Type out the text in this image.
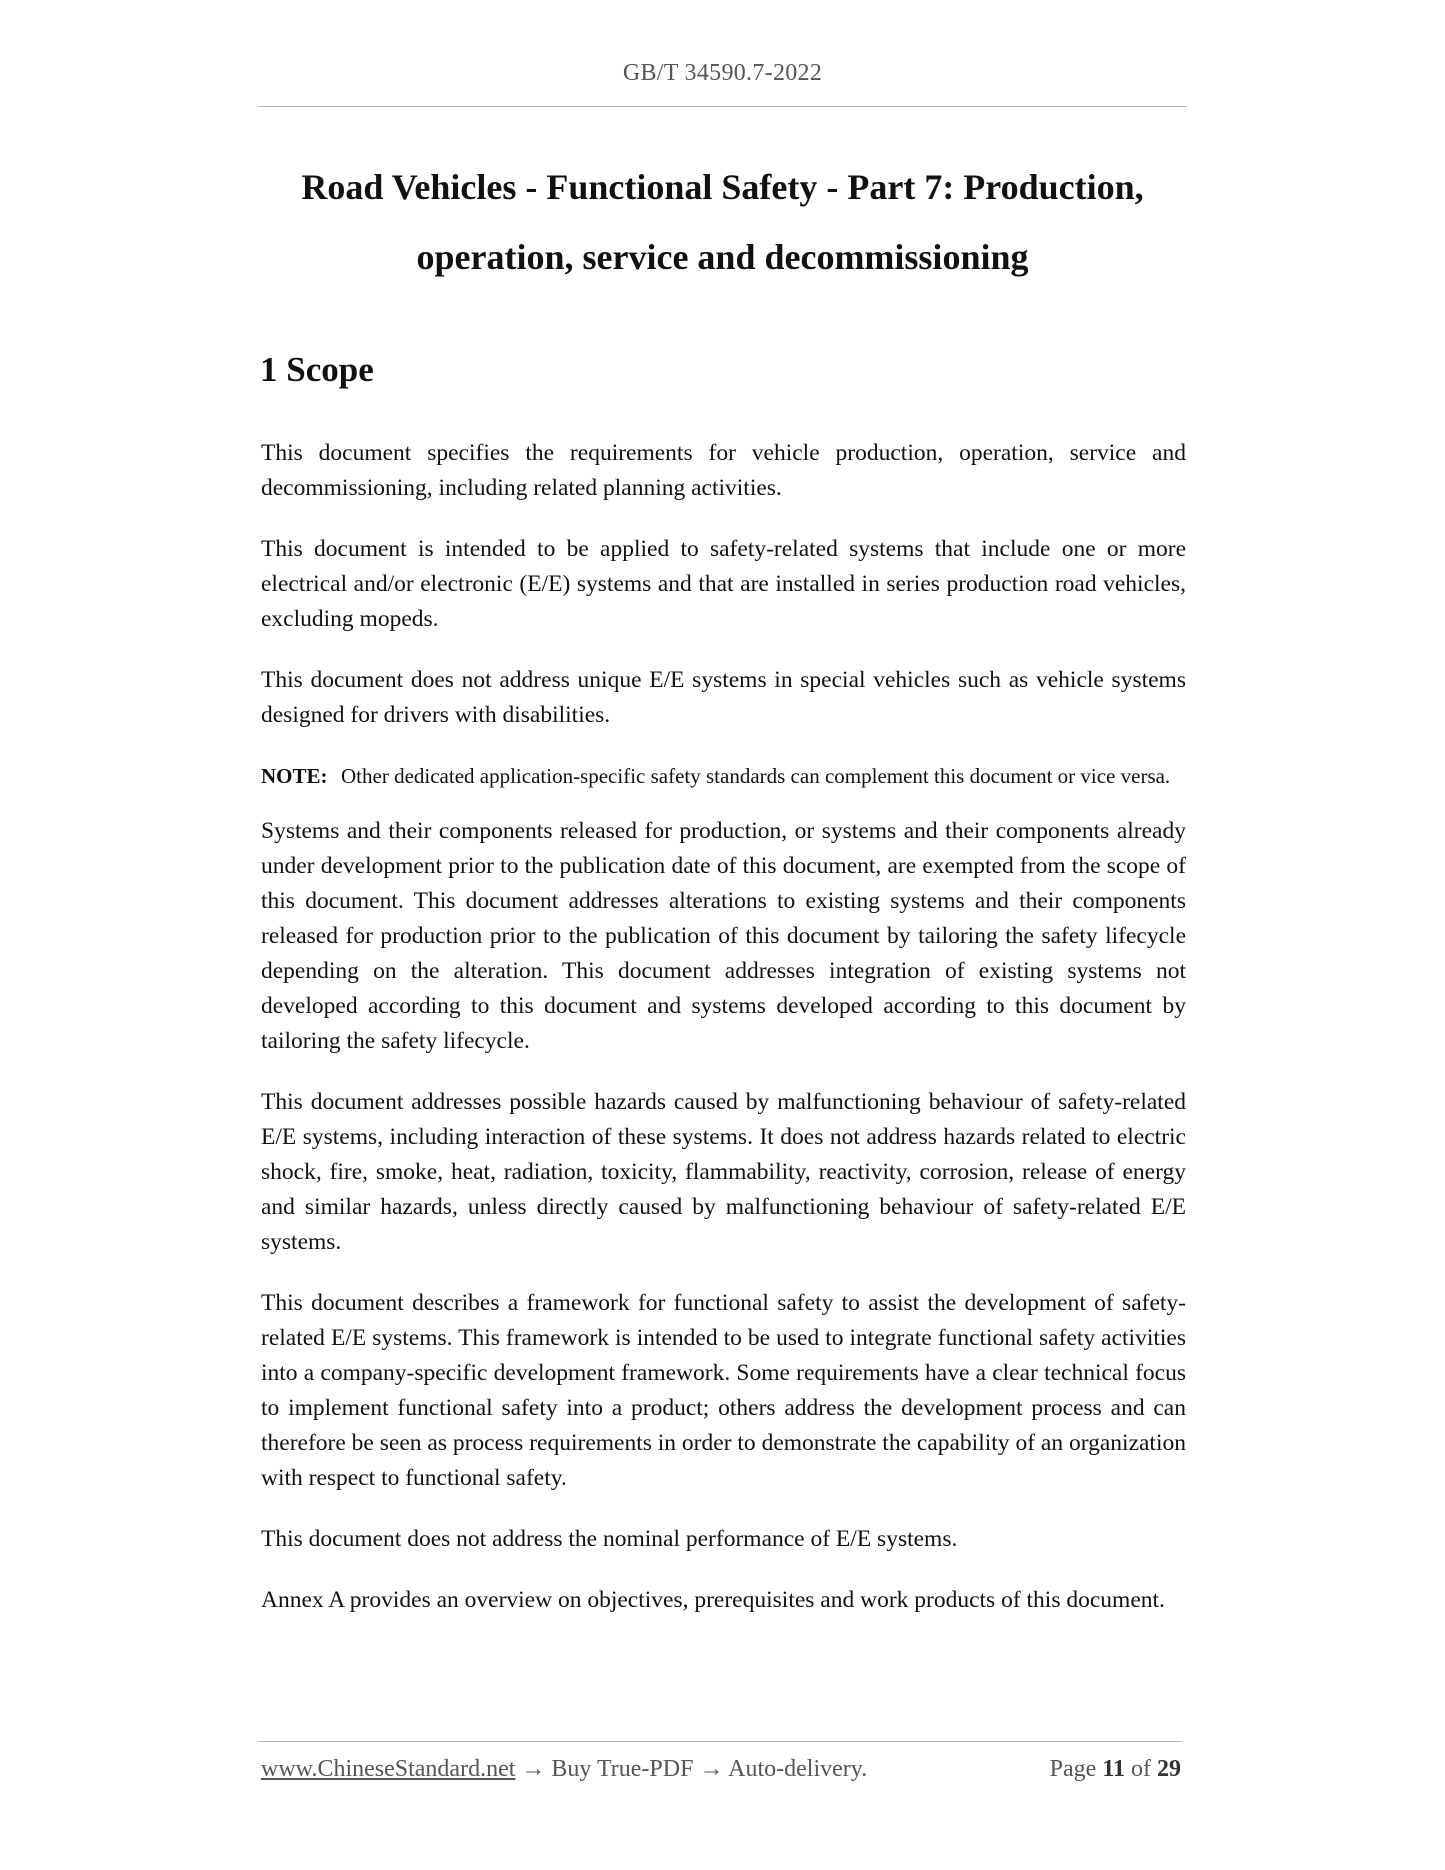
GB/T 34590.7-2022
Road Vehicles - Functional Safety - Part 7: Production,
operation, service and decommissioning
1 Scope

This document specifies the requirements for vehicle production, operation, service and decommissioning, including related planning activities.

This document is intended to be applied to safety-related systems that include one or more electrical and/or electronic (E/E) systems and that are installed in series production road vehicles, excluding mopeds.

This document does not address unique E/E systems in special vehicles such as vehicle systems designed for drivers with disabilities.

NOTE: Other dedicated application-specific safety standards can complement this document or vice versa.

Systems and their components released for production, or systems and their components already under development prior to the publication date of this document, are exempted from the scope of this document. This document addresses alterations to existing systems and their components released for production prior to the publication of this document by tailoring the safety lifecycle depending on the alteration. This document addresses integration of existing systems not developed according to this document and systems developed according to this document by tailoring the safety lifecycle.

This document addresses possible hazards caused by malfunctioning behaviour of safety-related E/E systems, including interaction of these systems. It does not address hazards related to electric shock, fire, smoke, heat, radiation, toxicity, flammability, reactivity, corrosion, release of energy and similar hazards, unless directly caused by malfunctioning behaviour of safety-related E/E systems.

This document describes a framework for functional safety to assist the development of safety-related E/E systems. This framework is intended to be used to integrate functional safety activities into a company-specific development framework. Some requirements have a clear technical focus to implement functional safety into a product; others address the development process and can therefore be seen as process requirements in order to demonstrate the capability of an organization with respect to functional safety.

This document does not address the nominal performance of E/E systems.

Annex A provides an overview on objectives, prerequisites and work products of this document.

www.ChineseStandard.net → Buy True-PDF → Auto-delivery.	Page 11 of 29
